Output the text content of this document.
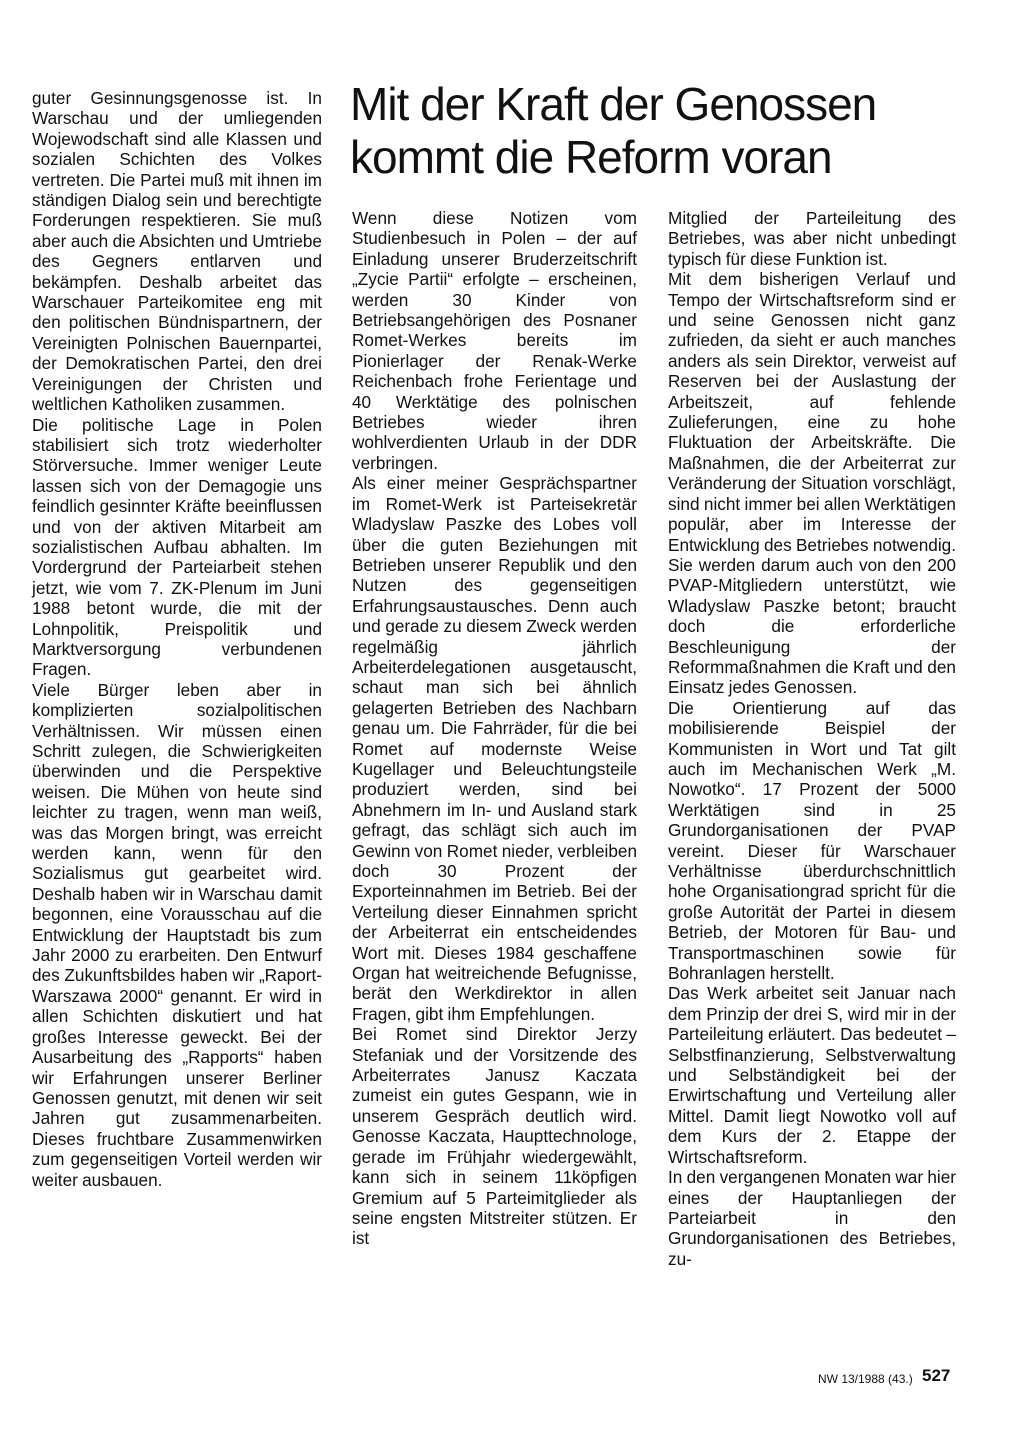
guter Gesinnungsgenosse ist. In Warschau und der umliegenden Wojewodschaft sind alle Klassen und sozialen Schichten des Volkes vertreten. Die Partei muß mit ihnen im ständigen Dialog sein und berechtigte Forderungen respektieren. Sie muß aber auch die Absichten und Umtriebe des Gegners entlarven und bekämpfen. Deshalb arbeitet das Warschauer Parteikomitee eng mit den politischen Bündnispartnern, der Vereinigten Polnischen Bauernpartei, der Demokratischen Partei, den drei Vereinigungen der Christen und weltlichen Katholiken zusammen.

Die politische Lage in Polen stabilisiert sich trotz wiederholter Störversuche. Immer weniger Leute lassen sich von der Demagogie uns feindlich gesinnter Kräfte beeinflussen und von der aktiven Mitarbeit am sozialistischen Aufbau abhalten. Im Vordergrund der Parteiarbeit stehen jetzt, wie vom 7. ZK-Plenum im Juni 1988 betont wurde, die mit der Lohnpolitik, Preispolitik und Marktversorgung verbundenen Fragen.

Viele Bürger leben aber in komplizierten sozialpolitischen Verhältnissen. Wir müssen einen Schritt zulegen, die Schwierigkeiten überwinden und die Perspektive weisen. Die Mühen von heute sind leichter zu tragen, wenn man weiß, was das Morgen bringt, was erreicht werden kann, wenn für den Sozialismus gut gearbeitet wird. Deshalb haben wir in Warschau damit begonnen, eine Vorausschau auf die Entwicklung der Hauptstadt bis zum Jahr 2000 zu erarbeiten. Den Entwurf des Zukunftsbildes haben wir „Raport-Warszawa 2000“ genannt. Er wird in allen Schichten diskutiert und hat großes Interesse geweckt. Bei der Ausarbeitung des „Rapports“ haben wir Erfahrungen unserer Berliner Genossen genutzt, mit denen wir seit Jahren gut zusammenarbeiten. Dieses fruchtbare Zusammenwirken zum gegenseitigen Vorteil werden wir weiter ausbauen.

Mit der Kraft der Genossen kommt die Reform voran

Wenn diese Notizen vom Studienbesuch in Polen – der auf Einladung unserer Bruderzeitschrift „Zycie Partii“ erfolgte – erscheinen, werden 30 Kinder von Betriebsangehörigen des Posnaner Romet-Werkes bereits im Pionierlager der Renak-Werke Reichenbach frohe Ferientage und 40 Werktätige des polnischen Betriebes wieder ihren wohlverdienten Urlaub in der DDR verbringen.

Als einer meiner Gesprächspartner im Romet-Werk ist Parteisekretär Wladyslaw Paszke des Lobes voll über die guten Beziehungen mit Betrieben unserer Republik und den Nutzen des gegenseitigen Erfahrungsaustausches. Denn auch und gerade zu diesem Zweck werden regelmäßig jährlich Arbeiterdelegationen ausgetauscht, schaut man sich bei ähnlich gelagerten Betrieben des Nachbarn genau um. Die Fahrräder, für die bei Romet auf modernste Weise Kugellager und Beleuchtungsteile produziert werden, sind bei Abnehmern im In- und Ausland stark gefragt, das schlägt sich auch im Gewinn von Romet nieder, verbleiben doch 30 Prozent der Exporteinnahmen im Betrieb. Bei der Verteilung dieser Einnahmen spricht der Arbeiterrat ein entscheidendes Wort mit. Dieses 1984 geschaffene Organ hat weitreichende Befugnisse, berät den Werkdirektor in allen Fragen, gibt ihm Empfehlungen.

Bei Romet sind Direktor Jerzy Stefaniak und der Vorsitzende des Arbeiterrates Janusz Kaczata zumeist ein gutes Gespann, wie in unserem Gespräch deutlich wird. Genosse Kaczata, Haupttechnologe, gerade im Frühjahr wiedergewählt, kann sich in seinem 11köpfigen Gremium auf 5 Parteimitglieder als seine engsten Mitstreiter stützen. Er ist

Mitglied der Parteileitung des Betriebes, was aber nicht unbedingt typisch für diese Funktion ist.

Mit dem bisherigen Verlauf und Tempo der Wirtschaftsreform sind er und seine Genossen nicht ganz zufrieden, da sieht er auch manches anders als sein Direktor, verweist auf Reserven bei der Auslastung der Arbeitszeit, auf fehlende Zulieferungen, eine zu hohe Fluktuation der Arbeitskräfte. Die Maßnahmen, die der Arbeiterrat zur Veränderung der Situation vorschlägt, sind nicht immer bei allen Werktätigen populär, aber im Interesse der Entwicklung des Betriebes notwendig. Sie werden darum auch von den 200 PVAP-Mitgliedern unterstützt, wie Wladyslaw Paszke betont; braucht doch die erforderliche Beschleunigung der Reformmaßnahmen die Kraft und den Einsatz jedes Genossen.

Die Orientierung auf das mobilisierende Beispiel der Kommunisten in Wort und Tat gilt auch im Mechanischen Werk „M. Nowotko“. 17 Prozent der 5000 Werktätigen sind in 25 Grundorganisationen der PVAP vereint. Dieser für Warschauer Verhältnisse überdurchschnittlich hohe Organisationgrad spricht für die große Autorität der Partei in diesem Betrieb, der Motoren für Bau- und Transportmaschinen sowie für Bohranlagen herstellt.

Das Werk arbeitet seit Januar nach dem Prinzip der drei S, wird mir in der Parteileitung erläutert. Das bedeutet – Selbstfinanzierung, Selbstverwaltung und Selbständigkeit bei der Erwirtschaftung und Verteilung aller Mittel. Damit liegt Nowotko voll auf dem Kurs der 2. Etappe der Wirtschaftsreform.

In den vergangenen Monaten war hier eines der Hauptanliegen der Parteiarbeit in den Grundorganisationen des Betriebes, zu-

NW 13/1988 (43.) 527
